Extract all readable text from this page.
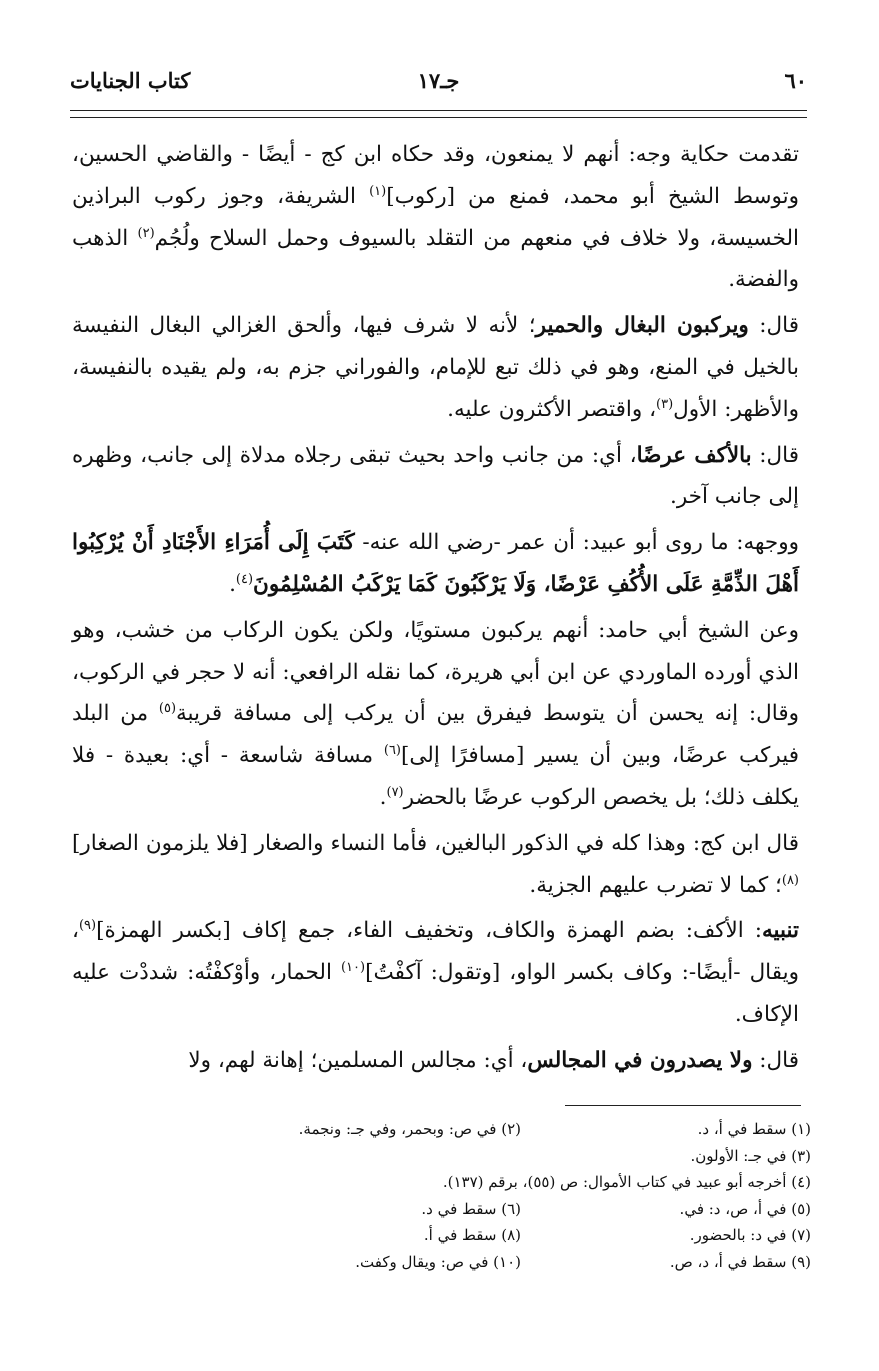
٦٠
جـ١٧
كتاب الجنايات

تقدمت حكاية وجه: أنهم لا يمنعون، وقد حكاه ابن كج - أيضًا - والقاضي الحسين، وتوسط الشيخ أبو محمد، فمنع من [ركوب]$^{(١)}$ الشريفة، وجوز ركوب البراذين الخسيسة، ولا خلاف في منعهم من التقلد بالسيوف وحمل السلاح ولُجُم$^{(٢)}$ الذهب والفضة.

قال: ويركبون البغال والحمير؛ لأنه لا شرف فيها، وألحق الغزالي البغال النفيسة بالخيل في المنع، وهو في ذلك تبع للإمام، والفوراني جزم به، ولم يقيده بالنفيسة، والأظهر: الأول$^{(٣)}$، واقتصر الأكثرون عليه.

قال: بالأكف عرضًا، أي: من جانب واحد بحيث تبقى رجلاه مدلاة إلى جانب، وظهره إلى جانب آخر.

ووجهه: ما روى أبو عبيد: أن عمر -رضي الله عنه- كَتَبَ إِلَى أُمَرَاءِ الأَجْنَادِ أَنْ يُرْكِبُوا أَهْلَ الذِّمَّةِ عَلَى الأُكُفِ عَرْضًا، وَلَا يَرْكَبُونَ كَمَا يَرْكَبُ المُسْلِمُونَ$^{(٤)}$.

وعن الشيخ أبي حامد: أنهم يركبون مستويًا، ولكن يكون الركاب من خشب، وهو الذي أورده الماوردي عن ابن أبي هريرة، كما نقله الرافعي: أنه لا حجر في الركوب، وقال: إنه يحسن أن يتوسط فيفرق بين أن يركب إلى مسافة قريبة$^{(٥)}$ من البلد فيركب عرضًا، وبين أن يسير [مسافرًا إلى]$^{(٦)}$ مسافة شاسعة - أي: بعيدة - فلا يكلف ذلك؛ بل يخصص الركوب عرضًا بالحضر$^{(٧)}$.

قال ابن كج: وهذا كله في الذكور البالغين، فأما النساء والصغار [فلا يلزمون الصغار]$^{(٨)}$؛ كما لا تضرب عليهم الجزية.

تنبيه: الأكف: بضم الهمزة والكاف، وتخفيف الفاء، جمع إكاف [بكسر الهمزة]$^{(٩)}$، ويقال -أيضًا-: وكاف بكسر الواو، [وتقول: آكفْتُ]$^{(١٠)}$ الحمار، وأوْكفْتُه: شددْت عليه الإكاف.

قال: ولا يصدرون في المجالس، أي: مجالس المسلمين؛ إهانة لهم، ولا

(١) سقط في أ، د.
(٢) في ص: وبحمر، وفي جـ: ونجمة.
(٣) في جـ: الأولون.
(٤) أخرجه أبو عبيد في كتاب الأموال: ص (٥٥)، برقم (١٣٧).
(٥) في أ، ص، د: في.
(٦) سقط في د.
(٧) في د: بالحضور.
(٨) سقط في أ.
(٩) سقط في أ، د، ص.
(١٠) في ص: ويقال وكفت.
